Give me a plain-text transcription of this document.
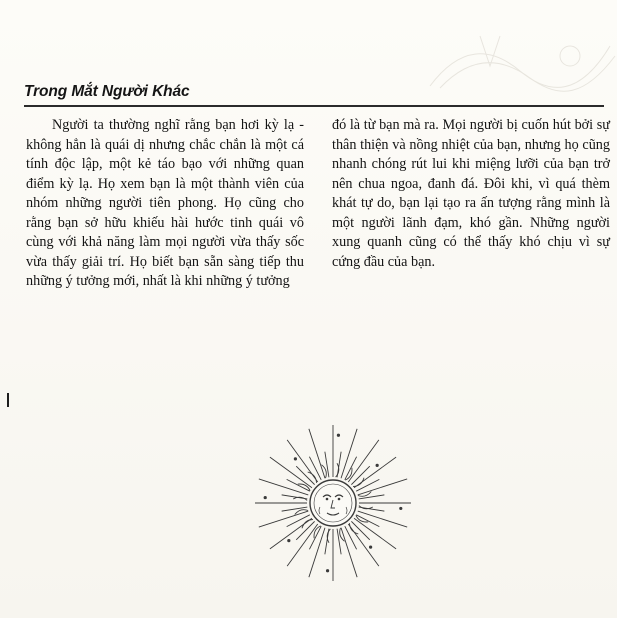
Trong Mắt Người Khác

Người ta thường nghĩ rằng bạn hơi kỳ lạ - không hẳn là quái dị nhưng chắc chắn là một cá tính độc lập, một kẻ táo bạo với những quan điểm kỳ lạ. Họ xem bạn là một thành viên của nhóm những người tiên phong. Họ cũng cho rằng bạn sở hữu khiếu hài hước tinh quái vô cùng với khả năng làm mọi người vừa thấy sốc vừa thấy giải trí. Họ biết bạn sẵn sàng tiếp thu những ý tưởng mới, nhất là khi những ý tưởng

đó là từ bạn mà ra. Mọi người bị cuốn hút bởi sự thân thiện và nồng nhiệt của bạn, nhưng họ cũng nhanh chóng rút lui khi miệng lưỡi của bạn trở nên chua ngoa, đanh đá. Đôi khi, vì quá thèm khát tự do, bạn lại tạo ra ấn tượng rằng mình là một người lãnh đạm, khó gần. Những người xung quanh cũng có thể thấy khó chịu vì sự cứng đầu của bạn.
